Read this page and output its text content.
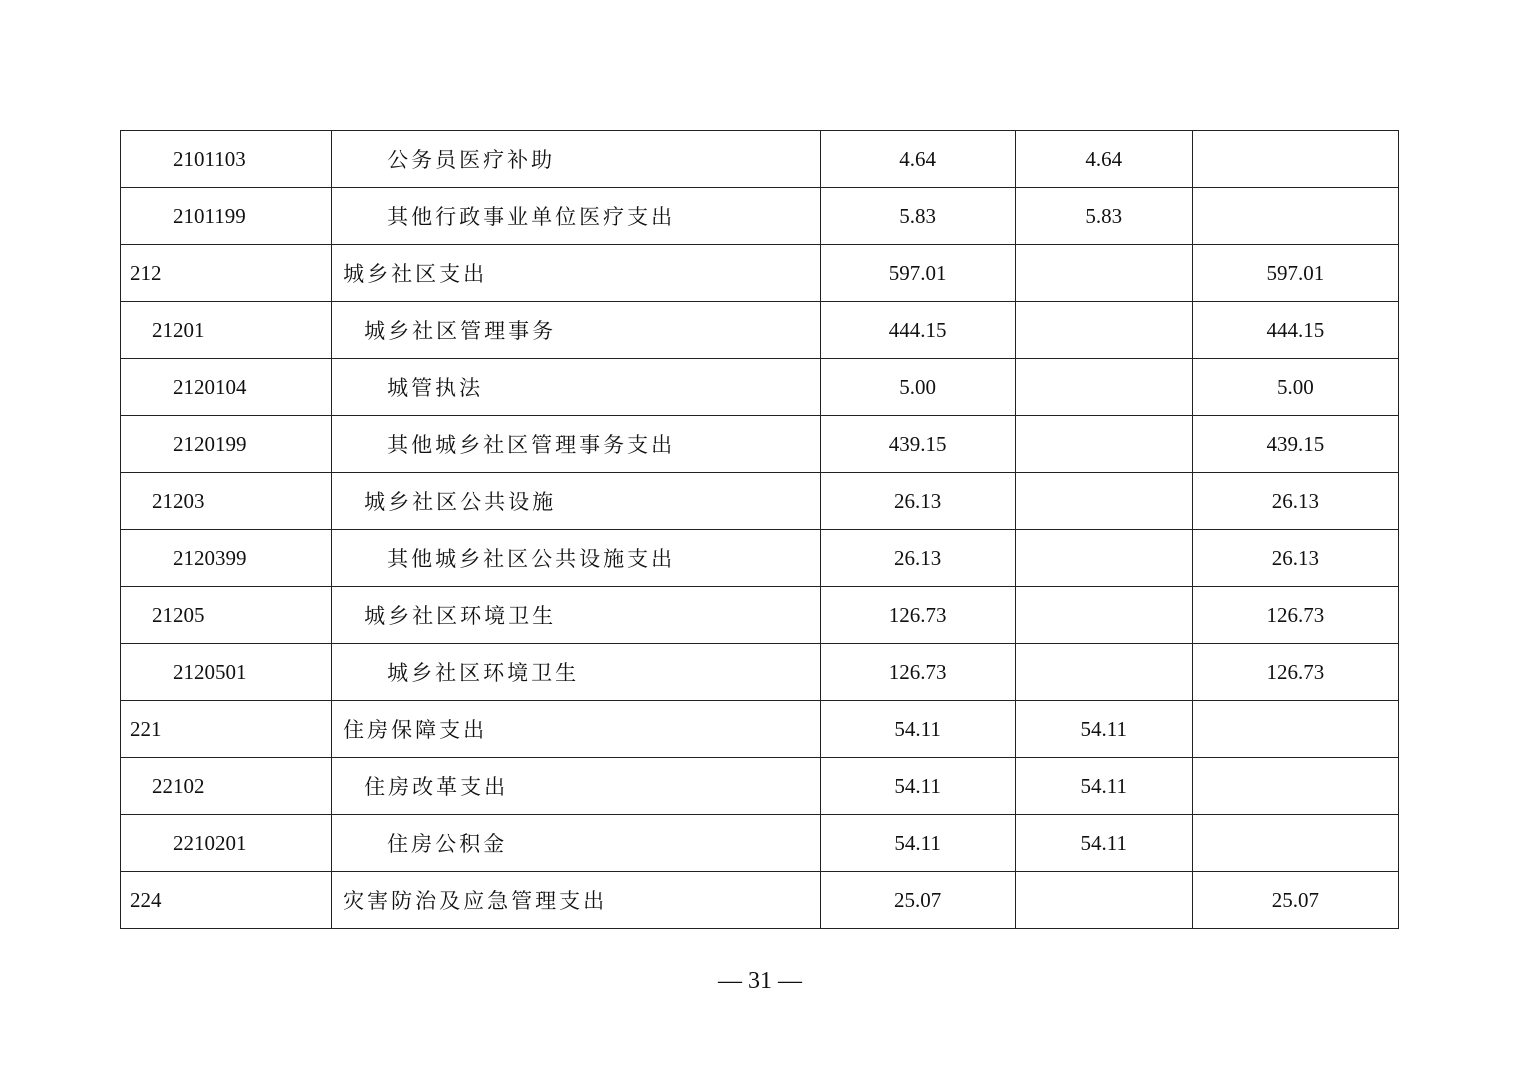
2101103	公务员医疗补助	4.64	4.64	
2101199	其他行政事业单位医疗支出	5.83	5.83	
212	城乡社区支出	597.01		597.01
21201	城乡社区管理事务	444.15		444.15
2120104	城管执法	5.00		5.00
2120199	其他城乡社区管理事务支出	439.15		439.15
21203	城乡社区公共设施	26.13		26.13
2120399	其他城乡社区公共设施支出	26.13		26.13
21205	城乡社区环境卫生	126.73		126.73
2120501	城乡社区环境卫生	126.73		126.73
221	住房保障支出	54.11	54.11	
22102	住房改革支出	54.11	54.11	
2210201	住房公积金	54.11	54.11	
224	灾害防治及应急管理支出	25.07		25.07
— 31 —
